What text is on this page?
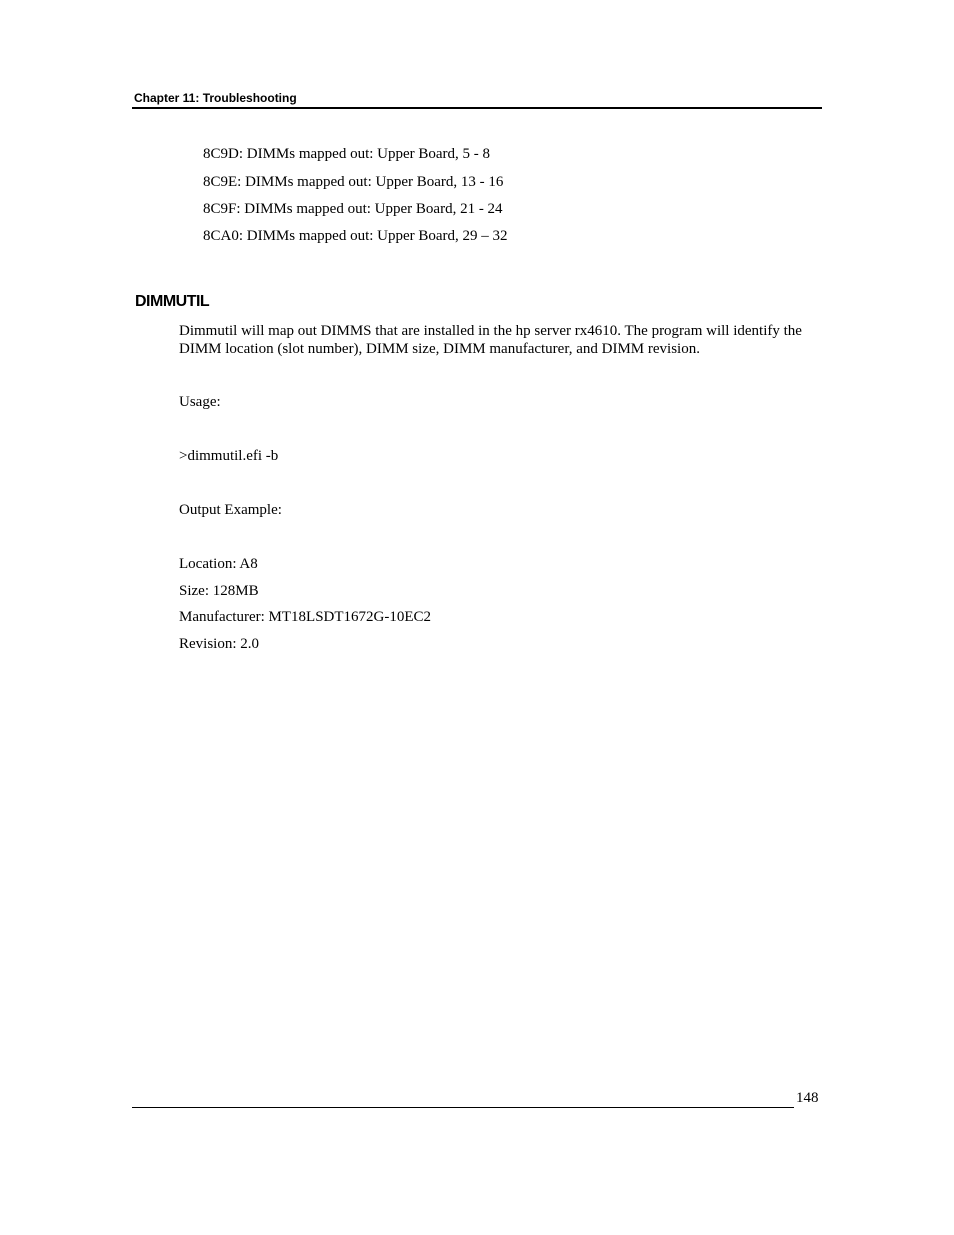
Chapter 11: Troubleshooting
8C9D: DIMMs mapped out: Upper Board, 5 - 8
8C9E: DIMMs mapped out: Upper Board, 13 - 16
8C9F: DIMMs mapped out: Upper Board, 21 - 24
8CA0: DIMMs mapped out: Upper Board, 29 – 32
DIMMUTIL
Dimmutil will map out DIMMS that are installed in the hp server rx4610. The program will identify the DIMM location (slot number), DIMM size, DIMM manufacturer, and DIMM revision.
Usage:
>dimmutil.efi -b
Output Example:
Location: A8
Size: 128MB
Manufacturer: MT18LSDT1672G-10EC2
Revision: 2.0
148
